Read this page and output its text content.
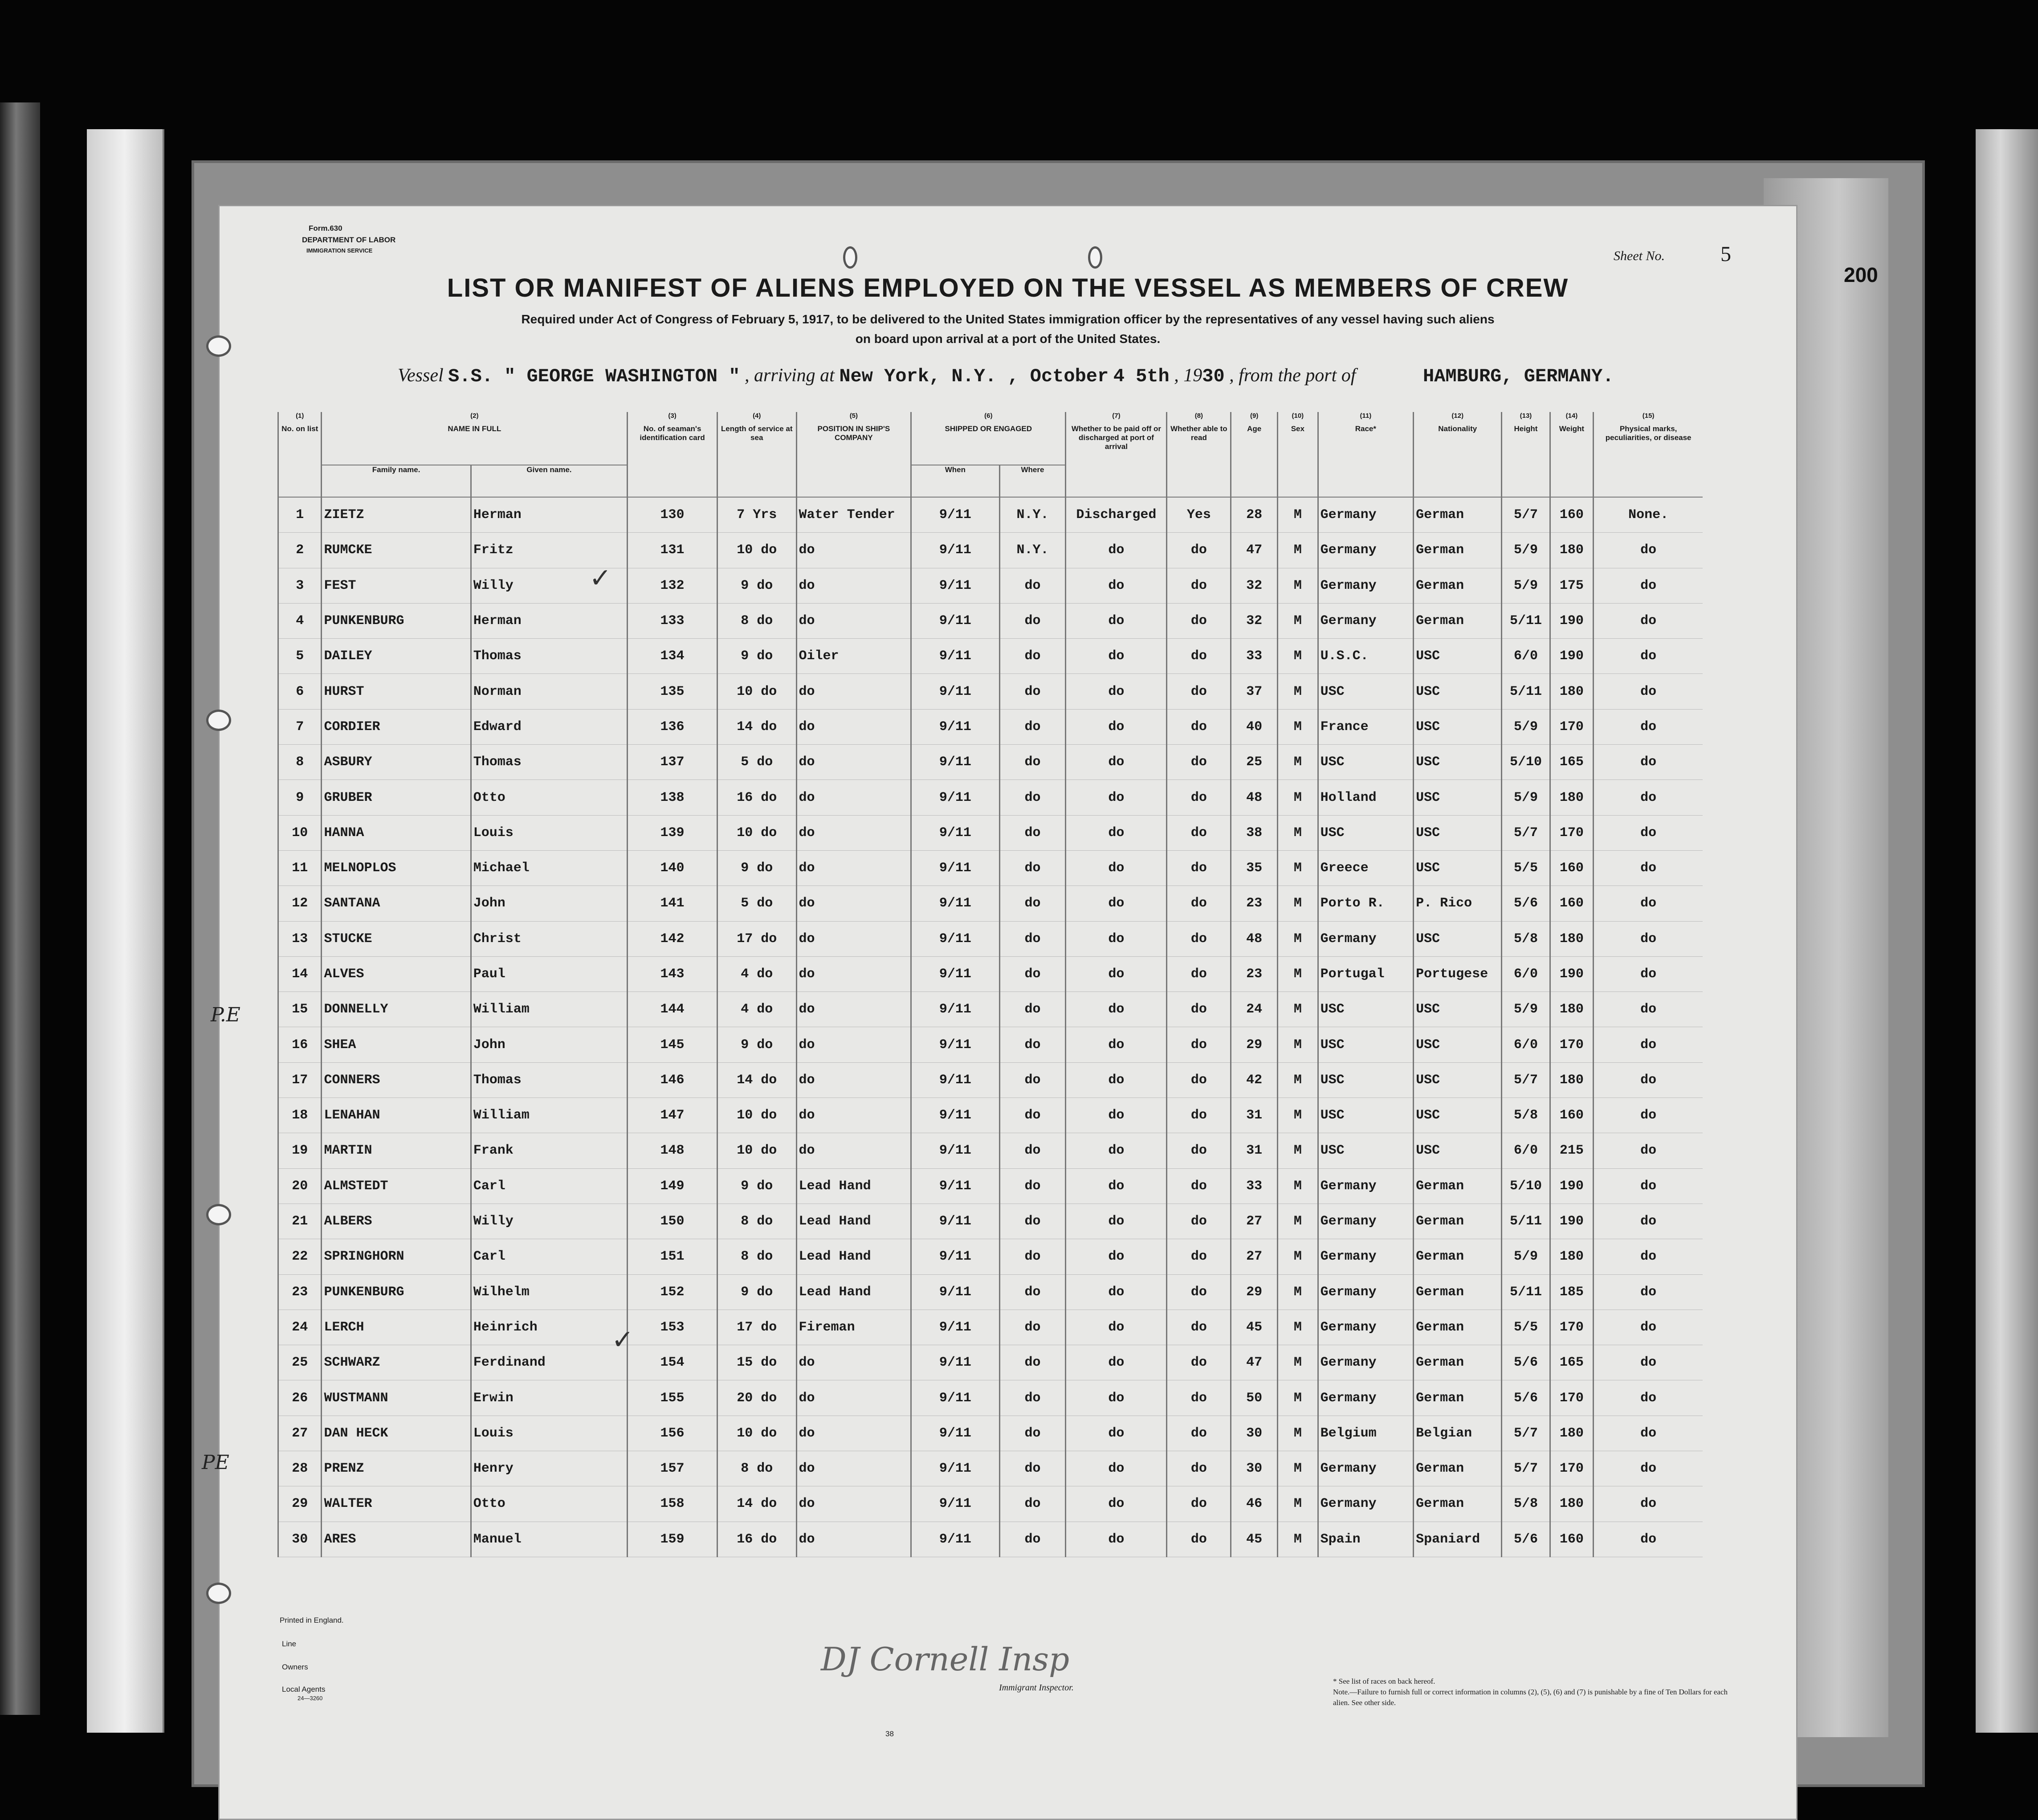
200
Form.630
DEPARTMENT OF LABOR
IMMIGRATION SERVICE	Sheet No.	5
LIST OR MANIFEST OF ALIENS EMPLOYED ON THE VESSEL AS MEMBERS OF CREW
Required under Act of Congress of February 5, 1917, to be delivered to the United States immigration officer by the representatives of any vessel having such aliens
on board upon arrival at a port of the United States.
Vessel S.S. " GEORGE WASHINGTON " , arriving at New York, N.Y. , October 4 5th , 1930 , from the port of	HAMBURG, GERMANY.
(1)	(2)		(3)	(4)	(5)	(6)		(7)	(8)	(9)	(10)	(11)	(12)	(13)	(14)	(15)
No. on list	NAME IN FULL		No. of seaman's identification card	Length of service at sea	POSITION IN SHIP'S COMPANY	SHIPPED OR ENGAGED		Whether to be paid off or discharged at port of arrival	Whether able to read	Age	Sex	Race*	Nationality	Height	Weight	Physical marks, peculiarities, or disease
	Family name.	Given name.				When	Where									
1	ZIETZ	Herman	130	7 Yrs	Water Tender	9/11	N.Y.	Discharged	Yes	28	M	Germany	German	5/7	160	None.
2	RUMCKE	Fritz	131	10 do	do	9/11	N.Y.	do	do	47	M	Germany	German	5/9	180	do
3	FEST	Willy	132	9 do	do	9/11	do	do	do	32	M	Germany	German	5/9	175	do
4	PUNKENBURG	Herman	133	8 do	do	9/11	do	do	do	32	M	Germany	German	5/11	190	do
5	DAILEY	Thomas	134	9 do	Oiler	9/11	do	do	do	33	M	U.S.C.	USC	6/0	190	do
6	HURST	Norman	135	10 do	do	9/11	do	do	do	37	M	USC	USC	5/11	180	do
7	CORDIER	Edward	136	14 do	do	9/11	do	do	do	40	M	France	USC	5/9	170	do
8	ASBURY	Thomas	137	5 do	do	9/11	do	do	do	25	M	USC	USC	5/10	165	do
9	GRUBER	Otto	138	16 do	do	9/11	do	do	do	48	M	Holland	USC	5/9	180	do
10	HANNA	Louis	139	10 do	do	9/11	do	do	do	38	M	USC	USC	5/7	170	do
11	MELNOPLOS	Michael	140	9 do	do	9/11	do	do	do	35	M	Greece	USC	5/5	160	do
12	SANTANA	John	141	5 do	do	9/11	do	do	do	23	M	Porto R.	P. Rico	5/6	160	do
13	STUCKE	Christ	142	17 do	do	9/11	do	do	do	48	M	Germany	USC	5/8	180	do
14	ALVES	Paul	143	4 do	do	9/11	do	do	do	23	M	Portugal	Portugese	6/0	190	do
15	DONNELLY	William	144	4 do	do	9/11	do	do	do	24	M	USC	USC	5/9	180	do
16	SHEA	John	145	9 do	do	9/11	do	do	do	29	M	USC	USC	6/0	170	do
17	CONNERS	Thomas	146	14 do	do	9/11	do	do	do	42	M	USC	USC	5/7	180	do
18	LENAHAN	William	147	10 do	do	9/11	do	do	do	31	M	USC	USC	5/8	160	do
19	MARTIN	Frank	148	10 do	do	9/11	do	do	do	31	M	USC	USC	6/0	215	do
20	ALMSTEDT	Carl	149	9 do	Lead Hand	9/11	do	do	do	33	M	Germany	German	5/10	190	do
21	ALBERS	Willy	150	8 do	Lead Hand	9/11	do	do	do	27	M	Germany	German	5/11	190	do
22	SPRINGHORN	Carl	151	8 do	Lead Hand	9/11	do	do	do	27	M	Germany	German	5/9	180	do
23	PUNKENBURG	Wilhelm	152	9 do	Lead Hand	9/11	do	do	do	29	M	Germany	German	5/11	185	do
24	LERCH	Heinrich	153	17 do	Fireman	9/11	do	do	do	45	M	Germany	German	5/5	170	do
25	SCHWARZ	Ferdinand	154	15 do	do	9/11	do	do	do	47	M	Germany	German	5/6	165	do
26	WUSTMANN	Erwin	155	20 do	do	9/11	do	do	do	50	M	Germany	German	5/6	170	do
27	DAN HECK	Louis	156	10 do	do	9/11	do	do	do	30	M	Belgium	Belgian	5/7	180	do
28	PRENZ	Henry	157	8 do	do	9/11	do	do	do	30	M	Germany	German	5/7	170	do
29	WALTER	Otto	158	14 do	do	9/11	do	do	do	46	M	Germany	German	5/8	180	do
30	ARES	Manuel	159	16 do	do	9/11	do	do	do	45	M	Spain	Spaniard	5/6	160	do
P.E
PE
✓
✓
Printed in England.
Line
Owners
Local Agents
24—3260
DJ Cornell Insp
Immigrant Inspector.
38
* See list of races on back hereof.
Note.—Failure to furnish full or correct information in columns (2), (5), (6) and (7) is punishable by a fine of Ten Dollars for each alien. See other side.
